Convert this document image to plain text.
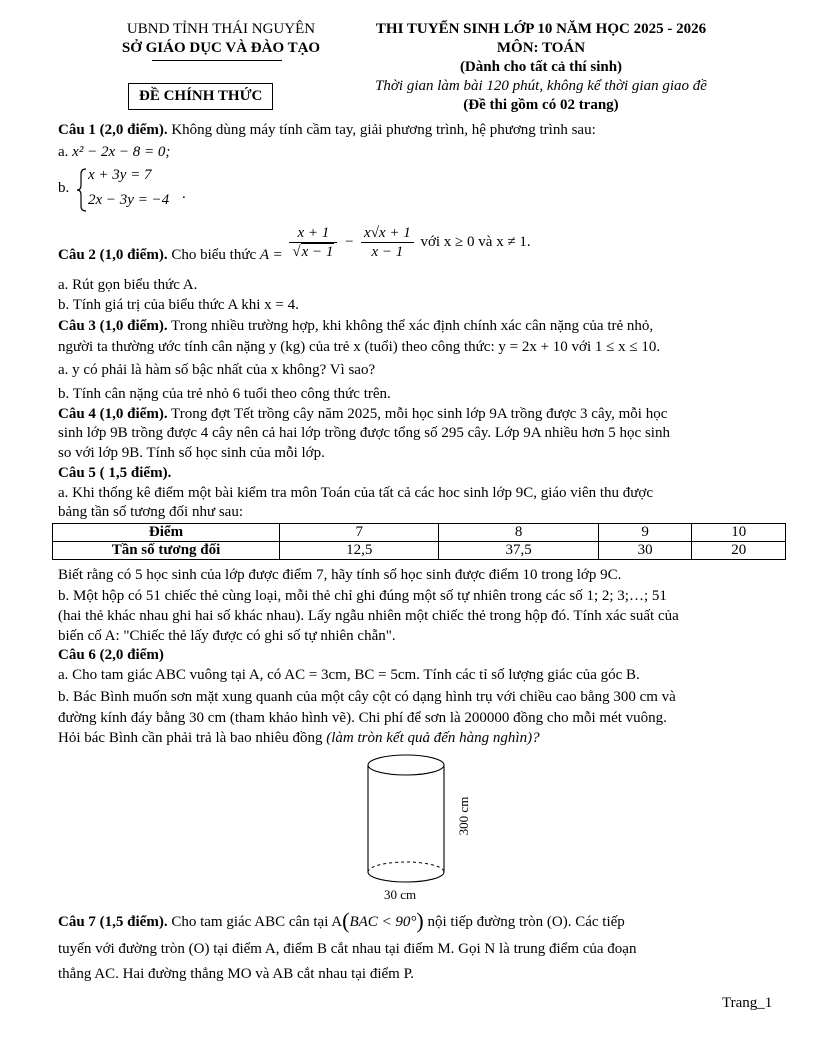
UBND TỈNH THÁI NGUYÊN
SỞ GIÁO DỤC VÀ ĐÀO TẠO
THI TUYỂN SINH LỚP 10 NĂM HỌC 2025 - 2026
MÔN: TOÁN
(Dành cho tất cả thí sinh)
Thời gian làm bài 120 phút, không kể thời gian giao đề
(Đề thi gồm có 02 trang)
ĐỀ CHÍNH THỨC
Câu 1 (2,0 điểm). Không dùng máy tính cầm tay, giải phương trình, hệ phương trình sau:
a. x² − 2x − 8 = 0;
b.
x + 3y = 7
2x − 3y = −4 .
Câu 2 (1,0 điểm). Cho biểu thức $A = \frac{x + 1}{√x - 1} - \frac{x√x + 1}{x - 1}$ với x ≥ 0 và x ≠ 1.
a. Rút gọn biểu thức A.
b. Tính giá trị của biểu thức A khi x = 4.
Câu 3 (1,0 điểm). Trong nhiều trường hợp, khi không thể xác định chính xác cân nặng của trẻ nhỏ,
người ta thường ước tính cân nặng y (kg) của trẻ x (tuổi) theo công thức: y = 2x + 10 với 1 ≤ x ≤ 10.
a. y có phải là hàm số bậc nhất của x không? Vì sao?
b. Tính cân nặng của trẻ nhỏ 6 tuổi theo công thức trên.
Câu 4 (1,0 điểm). Trong đợt Tết trồng cây năm 2025, mỗi học sinh lớp 9A trồng được 3 cây, mỗi học
sinh lớp 9B trồng được 4 cây nên cả hai lớp trồng được tổng số 295 cây. Lớp 9A nhiều hơn 5 học sinh
so với lớp 9B. Tính số học sinh của mỗi lớp.
Câu 5 ( 1,5 điểm).
a. Khi thống kê điểm một bài kiểm tra môn Toán của tất cả các hoc sinh lớp 9C, giáo viên thu được
bảng tần số tương đối như sau:
Điểm	7	8	9	10
Tần số tương đối	12,5	37,5	30	20
Biết rằng có 5 học sinh của lớp được điểm 7, hãy tính số học sinh được điểm 10 trong lớp 9C.
b. Một hộp có 51 chiếc thẻ cùng loại, mỗi thẻ chỉ ghi đúng một số tự nhiên trong các số 1; 2; 3;…; 51
(hai thẻ khác nhau ghi hai số khác nhau). Lấy ngẫu nhiên một chiếc thẻ trong hộp đó. Tính xác suất của
biến cố A: "Chiếc thẻ lấy được có ghi số tự nhiên chẵn".
Câu 6 (2,0 điểm)
a. Cho tam giác ABC vuông tại A, có AC = 3cm, BC = 5cm. Tính các tỉ số lượng giác của góc B.
b. Bác Bình muốn sơn mặt xung quanh của một cây cột có dạng hình trụ với chiều cao bằng 300 cm và
đường kính đáy bằng 30 cm (tham khảo hình vẽ). Chi phí để sơn là 200000 đồng cho mỗi mét vuông.
Hỏi bác Bình cần phải trả là bao nhiêu đồng (làm tròn kết quả đến hàng nghìn)?
300 cm
30 cm
Câu 7 (1,5 điểm). Cho tam giác ABC cân tại A(BAC < 90°) nội tiếp đường tròn (O). Các tiếp
tuyến với đường tròn (O) tại điểm A, điểm B cắt nhau tại điểm M. Gọi N là trung điểm của đoạn
thẳng AC. Hai đường thẳng MO và AB cắt nhau tại điểm P.
Trang_1
